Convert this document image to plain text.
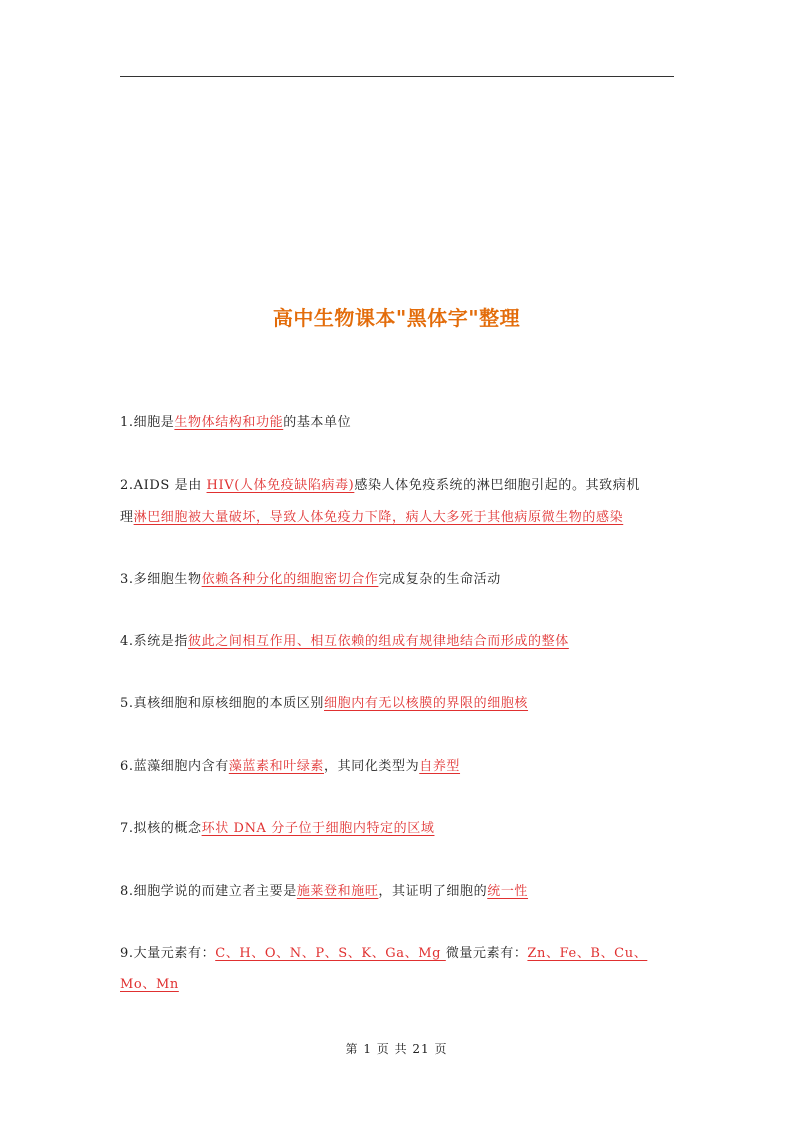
高中生物课本"黑体字"整理
1.细胞是生物体结构和功能的基本单位
2.AIDS 是由 HIV(人体免疫缺陷病毒)感染人体免疫系统的淋巴细胞引起的。其致病机
理淋巴细胞被大量破坏，导致人体免疫力下降，病人大多死于其他病原微生物的感染
3.多细胞生物依赖各种分化的细胞密切合作完成复杂的生命活动
4.系统是指彼此之间相互作用、相互依赖的组成有规律地结合而形成的整体
5.真核细胞和原核细胞的本质区别细胞内有无以核膜的界限的细胞核
6.蓝藻细胞内含有藻蓝素和叶绿素，其同化类型为自养型
7.拟核的概念环状 DNA 分子位于细胞内特定的区域
8.细胞学说的而建立者主要是施莱登和施旺，其证明了细胞的统一性
9.大量元素有：C、H、O、N、P、S、K、Ga、Mg 微量元素有：Zn、Fe、B、Cu、
Mo、Mn
第 1 页 共 21 页
